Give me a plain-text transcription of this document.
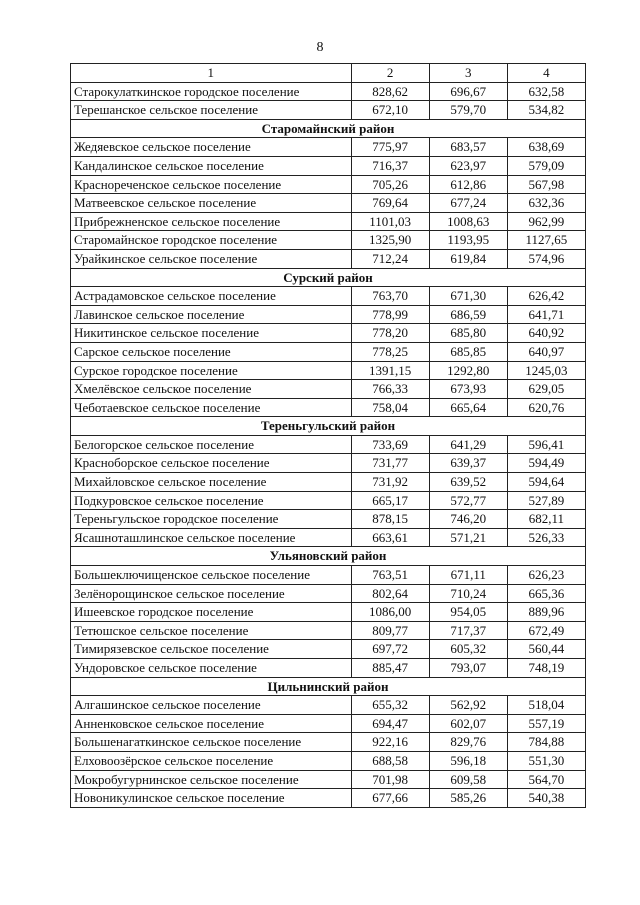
8
1	2	3	4
Старокулаткинское городское поселение	828,62	696,67	632,58
Терешанское сельское поселение	672,10	579,70	534,82
Старомайнский район			
Жедяевское сельское поселение	775,97	683,57	638,69
Кандалинское сельское поселение	716,37	623,97	579,09
Краснореченское сельское поселение	705,26	612,86	567,98
Матвеевское сельское поселение	769,64	677,24	632,36
Прибрежненское сельское поселение	1101,03	1008,63	962,99
Старомайнское городское поселение	1325,90	1193,95	1127,65
Урайкинское сельское поселение	712,24	619,84	574,96
Сурский район			
Астрадамовское сельское поселение	763,70	671,30	626,42
Лавинское сельское поселение	778,99	686,59	641,71
Никитинское сельское поселение	778,20	685,80	640,92
Сарское сельское поселение	778,25	685,85	640,97
Сурское городское поселение	1391,15	1292,80	1245,03
Хмелёвское сельское поселение	766,33	673,93	629,05
Чеботаевское сельское поселение	758,04	665,64	620,76
Тереньгульский район			
Белогорское сельское поселение	733,69	641,29	596,41
Красноборское сельское поселение	731,77	639,37	594,49
Михайловское сельское поселение	731,92	639,52	594,64
Подкуровское сельское поселение	665,17	572,77	527,89
Тереньгульское городское поселение	878,15	746,20	682,11
Ясашноташлинское сельское поселение	663,61	571,21	526,33
Ульяновский район			
Большеключищенское сельское поселение	763,51	671,11	626,23
Зелёнорощинское сельское поселение	802,64	710,24	665,36
Ишеевское городское поселение	1086,00	954,05	889,96
Тетюшское сельское поселение	809,77	717,37	672,49
Тимирязевское сельское поселение	697,72	605,32	560,44
Ундоровское сельское поселение	885,47	793,07	748,19
Цильнинский район			
Алгашинское сельское поселение	655,32	562,92	518,04
Анненковское сельское поселение	694,47	602,07	557,19
Большенагаткинское сельское поселение	922,16	829,76	784,88
Елховоозёрское сельское поселение	688,58	596,18	551,30
Мокробугурнинское сельское поселение	701,98	609,58	564,70
Новоникулинское сельское поселение	677,66	585,26	540,38
